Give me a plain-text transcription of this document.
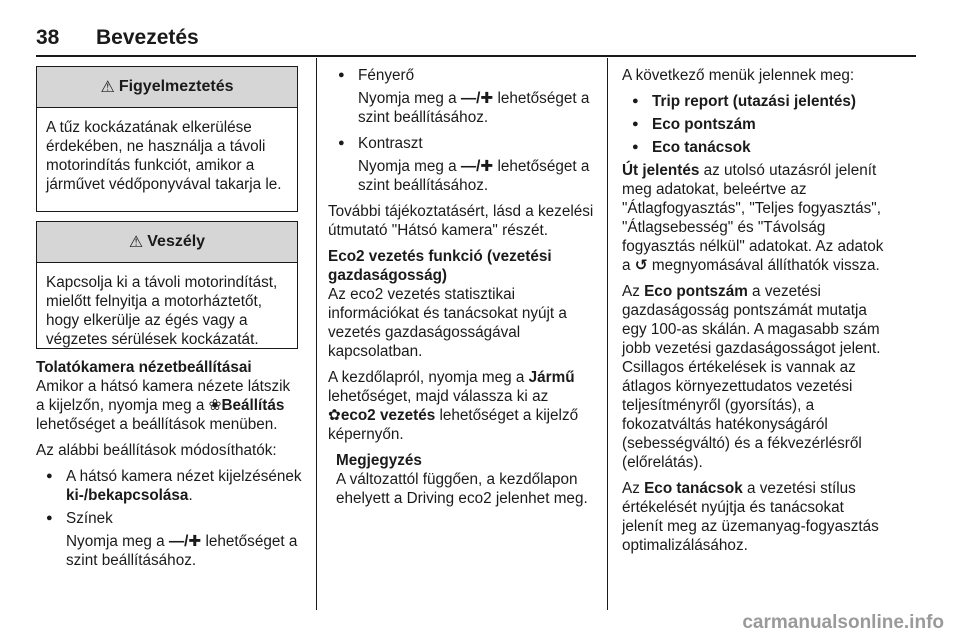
38 Bevezetés
⚠ Figyelmeztetés
A tűz kockázatának elkerülése érdekében, ne használja a távoli motorindítás funkciót, amikor a járművet védőponyvával takarja le.
⚠ Veszély
Kapcsolja ki a távoli motorindítást, mielőtt felnyitja a motorháztetőt, hogy elkerülje az égés vagy a végzetes sérülések kockázatát.
Tolatókamera nézetbeállításai

Amikor a hátsó kamera nézete látszik a kijelzőn, nyomja meg a ❀Beállítás lehetőséget a beállítások menüben.

Az alábbi beállítások módosíthatók:

● A hátsó kamera nézet kijelzésének ki-/bekapcsolása.
● Színek
Nyomja meg a —/✚ lehetőséget a szint beállításához.
● Fényerő
Nyomja meg a —/✚ lehetőséget a szint beállításához.
● Kontraszt
Nyomja meg a —/✚ lehetőséget a szint beállításához.

További tájékoztatásért, lásd a kezelési útmutató "Hátsó kamera" részét.

Eco2 vezetés funkció (vezetési gazdaságosság)

Az eco2 vezetés statisztikai információkat és tanácsokat nyújt a vezetés gazdaságosságával kapcsolatban.

A kezdőlapról, nyomja meg a Jármű lehetőséget, majd válassza ki az ✿eco2 vezetés lehetőséget a kijelző képernyőn.

Megjegyzés
A változattól függően, a kezdőlapon ehelyett a Driving eco2 jelenhet meg.

A következő menük jelennek meg:

● Trip report (utazási jelentés)
● Eco pontszám
● Eco tanácsok

Út jelentés az utolsó utazásról jelenít meg adatokat, beleértve az "Átlagfogyasztás", "Teljes fogyasztás", "Átlagsebesség" és "Távolság fogyasztás nélkül" adatokat. Az adatok a ↺ megnyomásával állíthatók vissza.

Az Eco pontszám a vezetési gazdaságosság pontszámát mutatja egy 100-as skálán. A magasabb szám jobb vezetési gazdaságosságot jelent. Csillagos értékelések is vannak az átlagos környezettudatos vezetési teljesítményről (gyorsítás), a fokozatváltás hatékonyságáról (sebességváltó) és a fékvezérlésről (előrelátás).

Az Eco tanácsok a vezetési stílus értékelését nyújtja és tanácsokat jelenít meg az üzemanyag-fogyasztás optimalizálásához.

carmanualsonline.info
